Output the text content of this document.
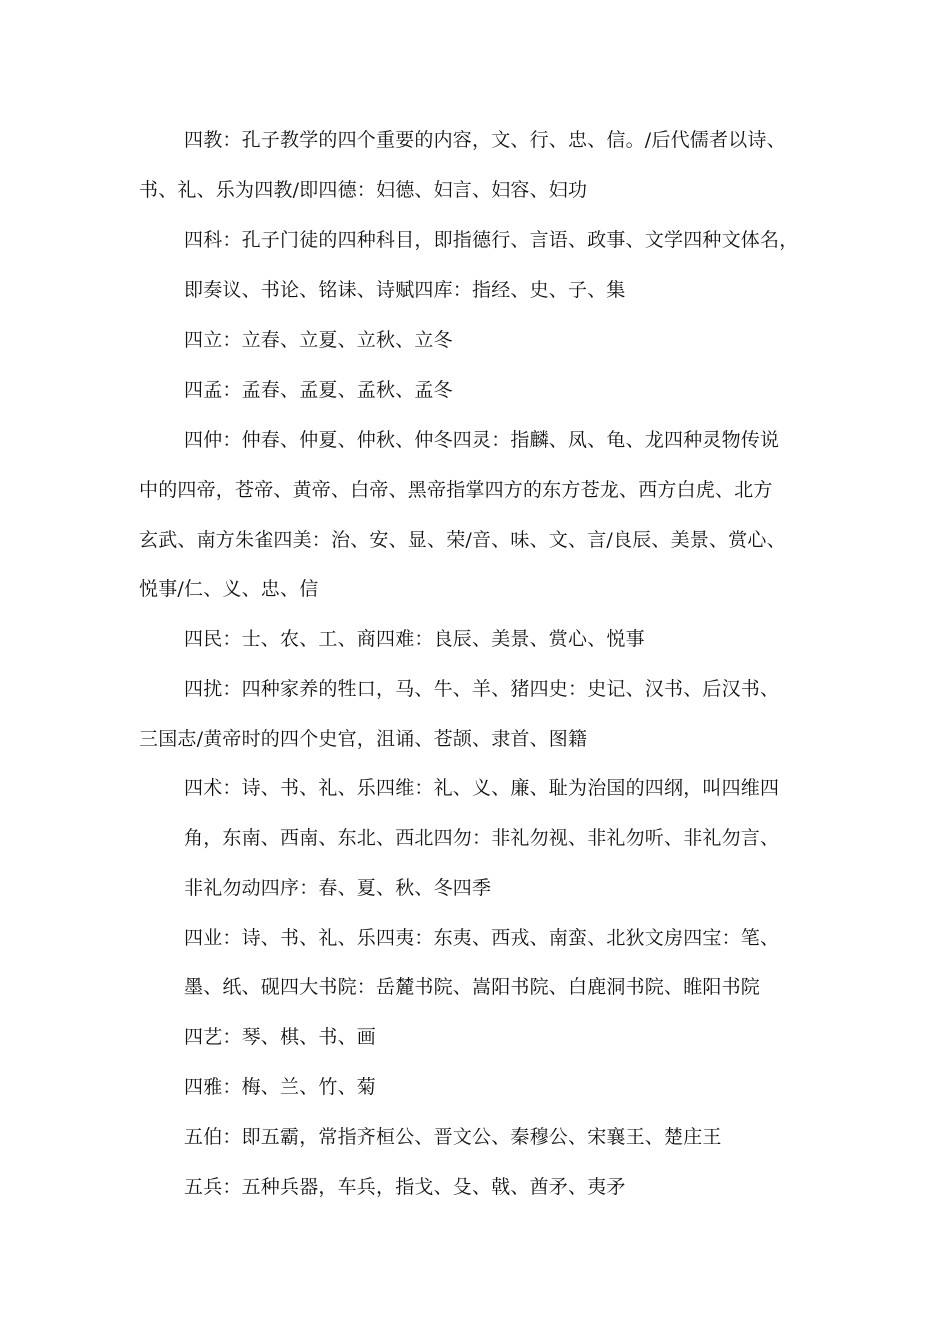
四教：孔子教学的四个重要的内容，文、行、忠、信。/后代儒者以诗、
书、礼、乐为四教/即四德：妇德、妇言、妇容、妇功
四科：孔子门徒的四种科目，即指德行、言语、政事、文学四种文体名，
即奏议、书论、铭诔、诗赋四库：指经、史、子、集
四立：立春、立夏、立秋、立冬
四孟：孟春、孟夏、孟秋、孟冬
四仲：仲春、仲夏、仲秋、仲冬四灵：指麟、凤、龟、龙四种灵物传说
中的四帝，苍帝、黄帝、白帝、黑帝指掌四方的东方苍龙、西方白虎、北方
玄武、南方朱雀四美：治、安、显、荣/音、味、文、言/良辰、美景、赏心、
悦事/仁、义、忠、信
四民：士、农、工、商四难：良辰、美景、赏心、悦事
四扰：四种家养的牲口，马、牛、羊、猪四史：史记、汉书、后汉书、
三国志/黄帝时的四个史官，沮诵、苍颉、隶首、图籍
四术：诗、书、礼、乐四维：礼、义、廉、耻为治国的四纲，叫四维四
角，东南、西南、东北、西北四勿：非礼勿视、非礼勿听、非礼勿言、
非礼勿动四序：春、夏、秋、冬四季
四业：诗、书、礼、乐四夷：东夷、西戎、南蛮、北狄文房四宝：笔、
墨、纸、砚四大书院：岳麓书院、嵩阳书院、白鹿洞书院、睢阳书院
四艺：琴、棋、书、画
四雅：梅、兰、竹、菊
五伯：即五霸，常指齐桓公、晋文公、秦穆公、宋襄王、楚庄王
五兵：五种兵器，车兵，指戈、殳、戟、酋矛、夷矛
